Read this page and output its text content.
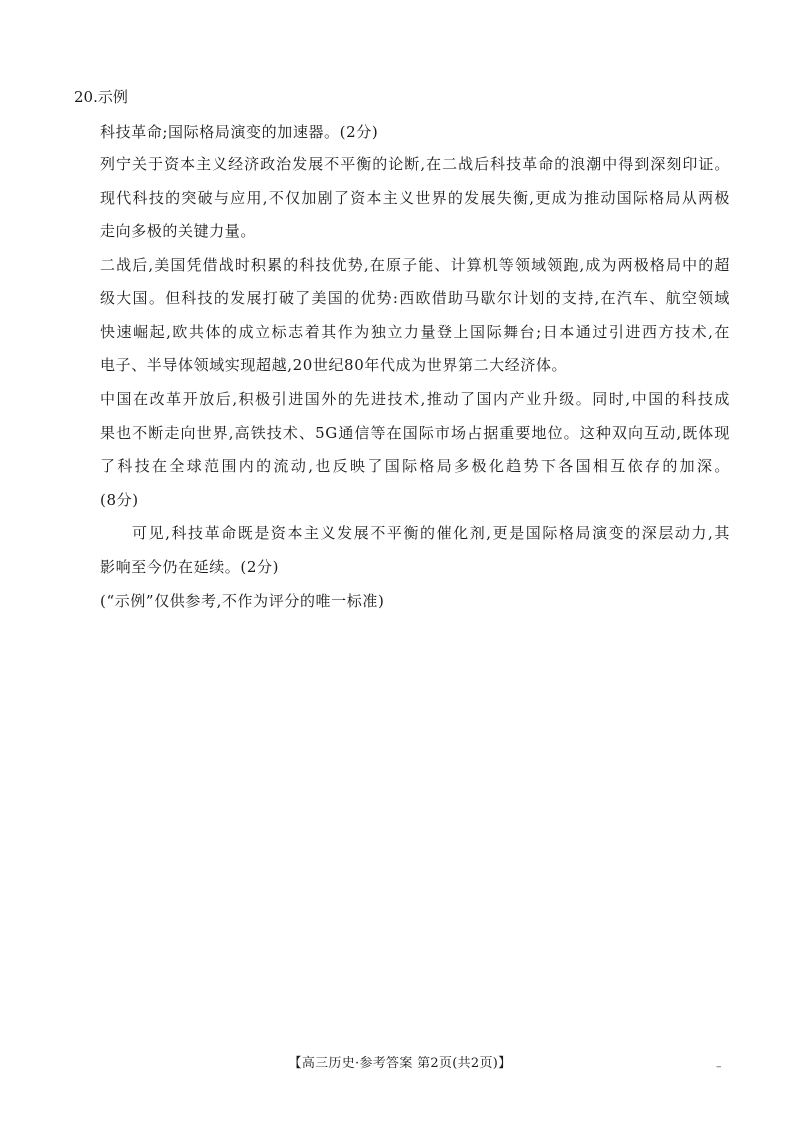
20.示例
科技革命;国际格局演变的加速器。(2分)
列宁关于资本主义经济政治发展不平衡的论断,在二战后科技革命的浪潮中得到深刻印证。
现代科技的突破与应用,不仅加剧了资本主义世界的发展失衡,更成为推动国际格局从两极
走向多极的关键力量。
二战后,美国凭借战时积累的科技优势,在原子能、计算机等领域领跑,成为两极格局中的超
级大国。但科技的发展打破了美国的优势:西欧借助马歇尔计划的支持,在汽车、航空领域
快速崛起,欧共体的成立标志着其作为独立力量登上国际舞台;日本通过引进西方技术,在
电子、半导体领域实现超越,20世纪80年代成为世界第二大经济体。
中国在改革开放后,积极引进国外的先进技术,推动了国内产业升级。同时,中国的科技成
果也不断走向世界,高铁技术、5G通信等在国际市场占据重要地位。这种双向互动,既体现
了科技在全球范围内的流动,也反映了国际格局多极化趋势下各国相互依存的加深。
(8分)
可见,科技革命既是资本主义发展不平衡的催化剂,更是国际格局演变的深层动力,其
影响至今仍在延续。(2分)
(“示例”仅供参考,不作为评分的唯一标准)
【高三历史·参考答案 第2页(共2页)】	–
